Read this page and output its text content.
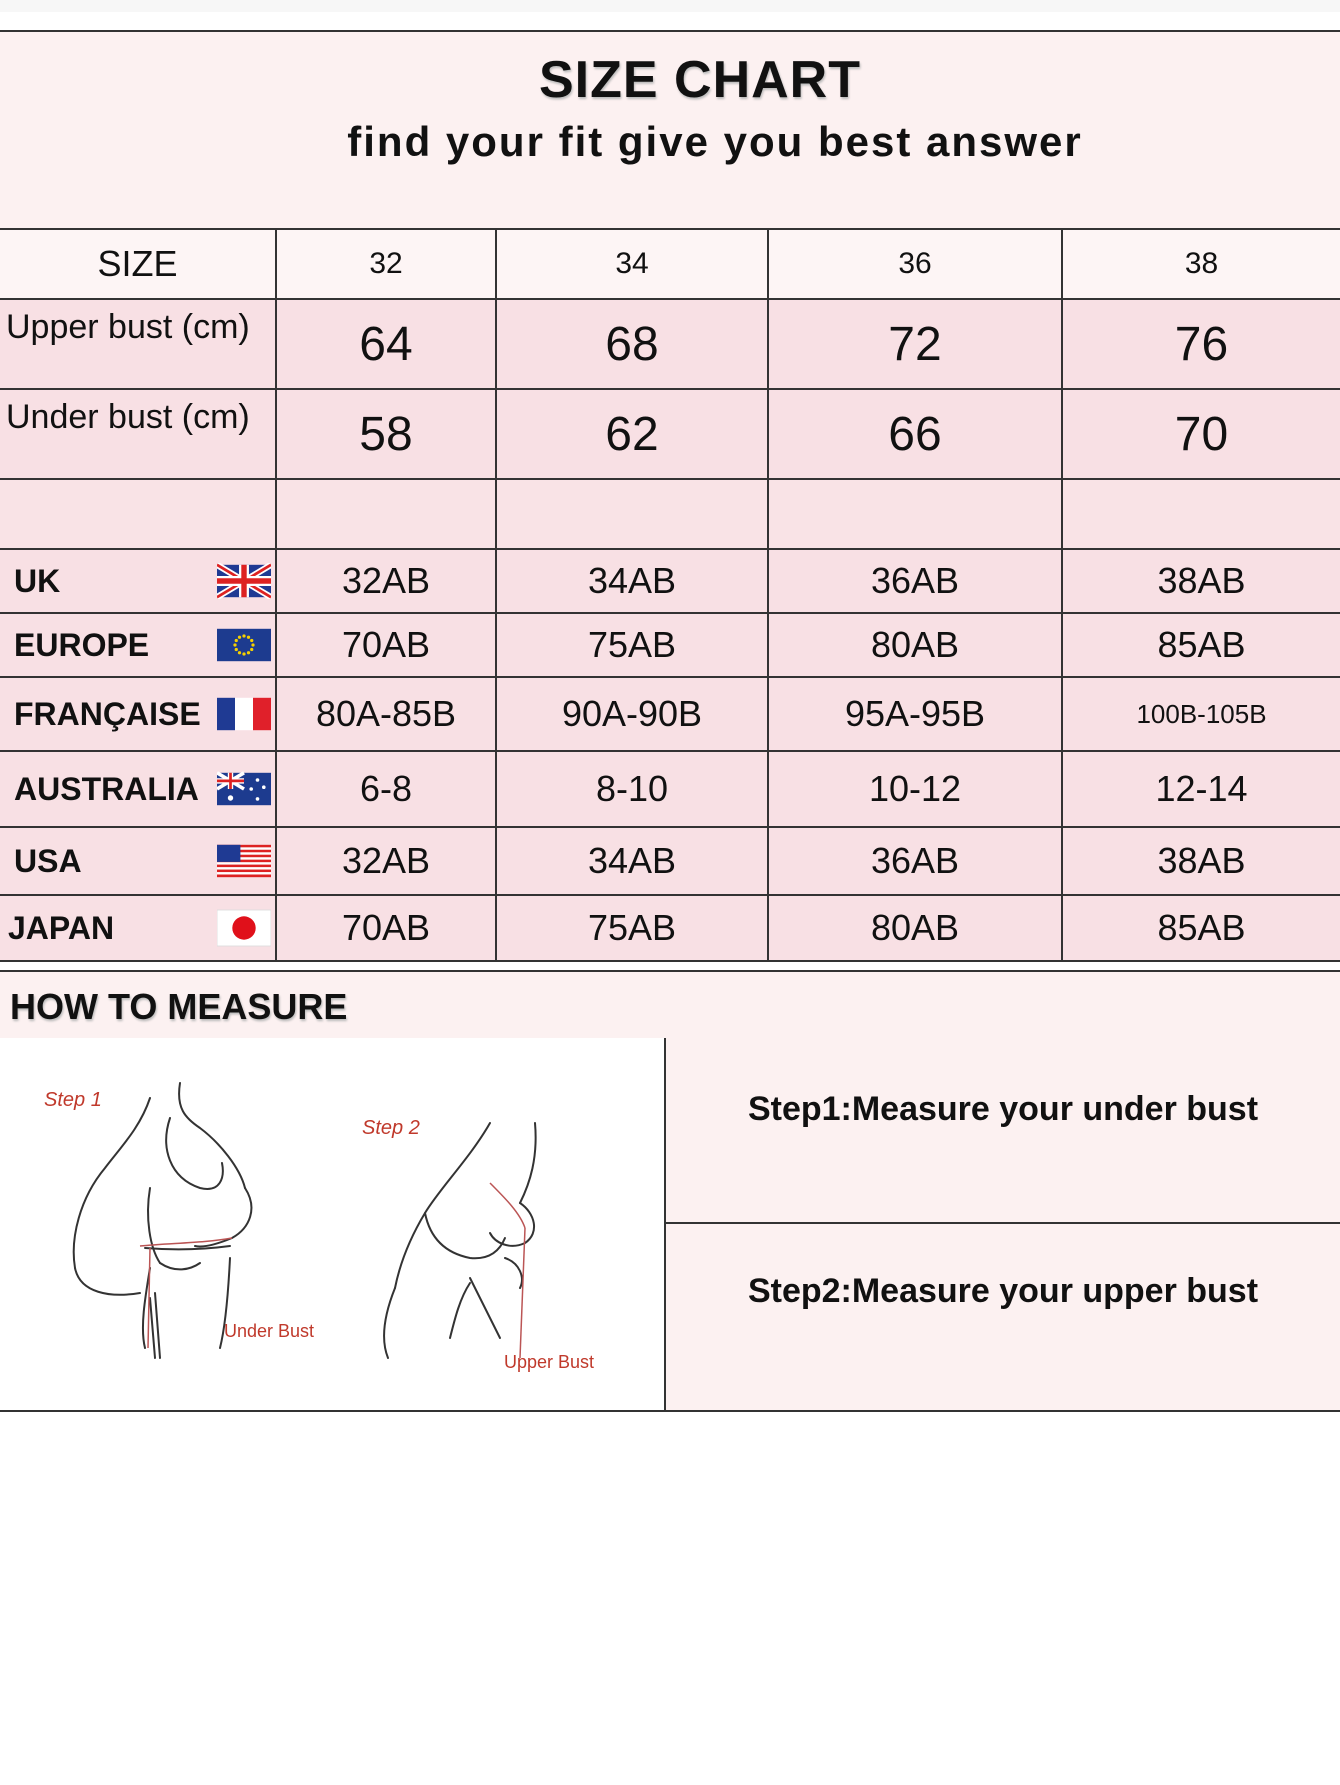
SIZE CHART
find your fit give you best answer
SIZE	32	34	36	38
Upper bust (cm)	64	68	72	76
Under bust (cm)	58	62	66	70

UK	32AB	34AB	36AB	38AB
EUROPE	70AB	75AB	80AB	85AB
FRANÇAISE	80A-85B	90A-90B	95A-95B	100B-105B
AUSTRALIA	6-8	8-10	10-12	12-14
USA	32AB	34AB	36AB	38AB
JAPAN	70AB	75AB	80AB	85AB
HOW TO MEASURE
Step 1
Under Bust
Step 2
Upper Bust
Step1:Measure your under bust
Step2:Measure your upper bust
